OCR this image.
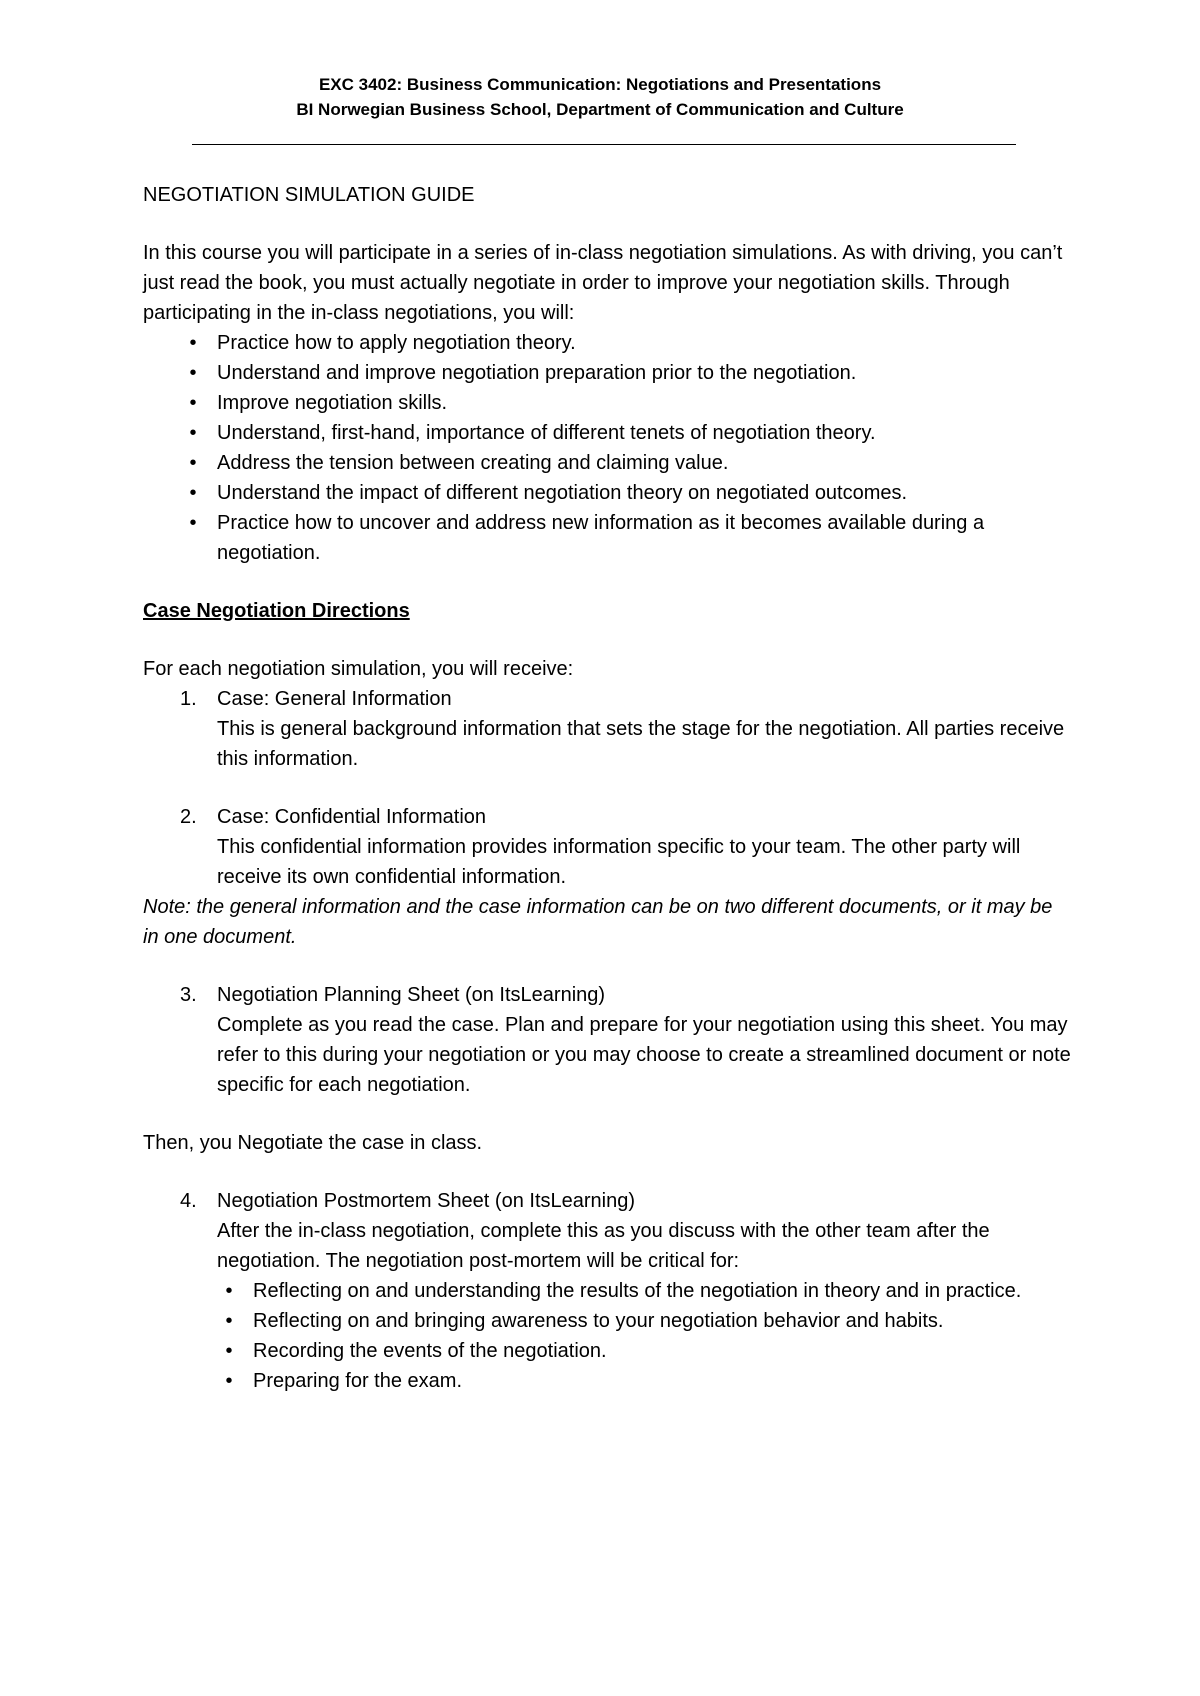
EXC 3402: Business Communication: Negotiations and Presentations
BI Norwegian Business School, Department of Communication and Culture

NEGOTIATION SIMULATION GUIDE

In this course you will participate in a series of in-class negotiation simulations. As with driving, you can’t just read the book, you must actually negotiate in order to improve your negotiation skills. Through participating in the in-class negotiations, you will:

•	Practice how to apply negotiation theory.
•	Understand and improve negotiation preparation prior to the negotiation.
•	Improve negotiation skills.
•	Understand, first-hand, importance of different tenets of negotiation theory.
•	Address the tension between creating and claiming value.
•	Understand the impact of different negotiation theory on negotiated outcomes.
•	Practice how to uncover and address new information as it becomes available during a negotiation.

Case Negotiation Directions

For each negotiation simulation, you will receive:

1. Case: General Information
This is general background information that sets the stage for the negotiation. All parties receive this information.
2. Case: Confidential Information
This confidential information provides information specific to your team. The other party will receive its own confidential information.

Note: the general information and the case information can be on two different documents, or it may be in one document.

3. Negotiation Planning Sheet (on ItsLearning)
Complete as you read the case. Plan and prepare for your negotiation using this sheet. You may refer to this during your negotiation or you may choose to create a streamlined document or note specific for each negotiation.

Then, you Negotiate the case in class.

4. Negotiation Postmortem Sheet (on ItsLearning)
After the in-class negotiation, complete this as you discuss with the other team after the negotiation. The negotiation post-mortem will be critical for:
•	Reflecting on and understanding the results of the negotiation in theory and in practice.
•	Reflecting on and bringing awareness to your negotiation behavior and habits.
•	Recording the events of the negotiation.
•	Preparing for the exam.
